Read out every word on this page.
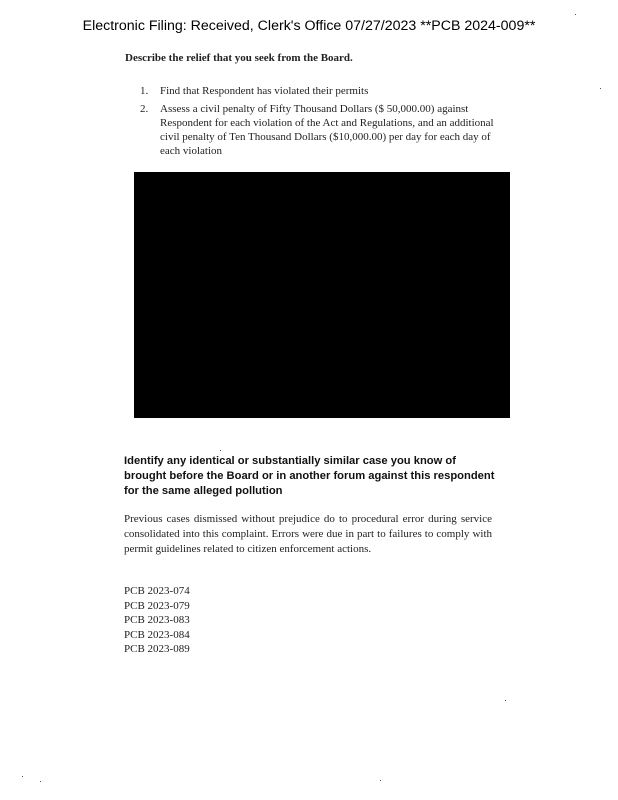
Electronic Filing: Received, Clerk's Office 07/27/2023 **PCB 2024-009**
Describe the relief that you seek from the Board.
1. Find that Respondent has violated their permits
2. Assess a civil penalty of Fifty Thousand Dollars ($ 50,000.00) against Respondent for each violation of the Act and Regulations, and an additional civil penalty of Ten Thousand Dollars ($10,000.00) per day for each day of each violation
Identify any identical or substantially similar case you know of brought before the Board or in another forum against this respondent for the same alleged pollution
Previous cases dismissed without prejudice do to procedural error during service consolidated into this complaint. Errors were due in part to failures to comply with permit guidelines related to citizen enforcement actions.
PCB 2023-074
PCB 2023-079
PCB 2023-083
PCB 2023-084
PCB 2023-089
